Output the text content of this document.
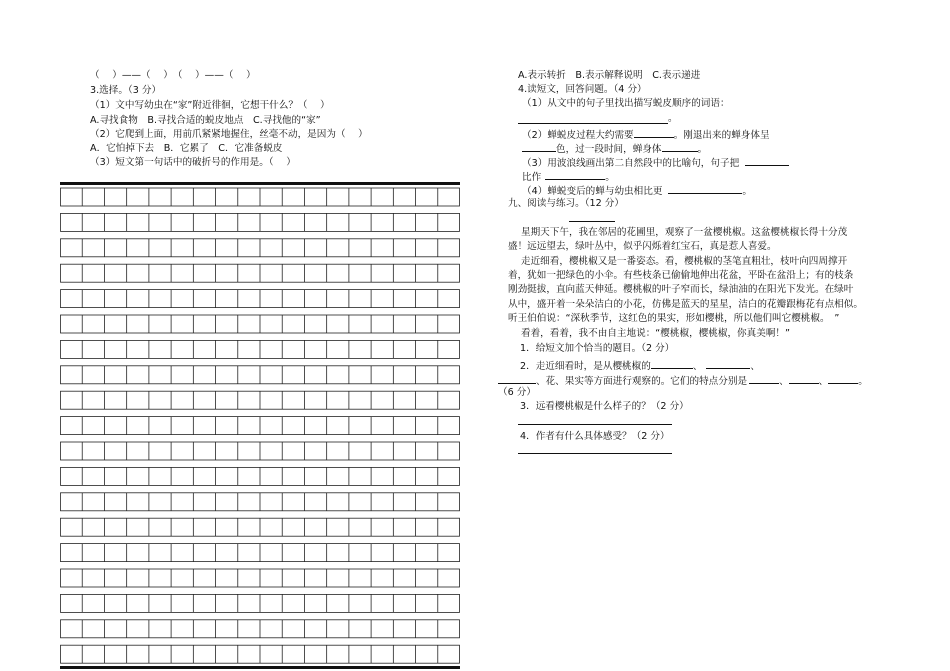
（　 ）——（　 ）　（　 ）——（　 ）
3.选择。（3 分）
（1）文中写幼虫在“家”附近徘徊，它想干什么？（　 ）
A.寻找食物　B.寻找合适的蜕皮地点　C.寻找他的“家”
（2）它爬到上面，用前爪紧紧地握住，丝毫不动，是因为（　 ）
A．它怕掉下去　B．它累了　C．它准备蜕皮
（3）短文第一句话中的破折号的作用是。（　 ）
A.表示转折　B.表示解释说明　C.表示递进
4.读短文，回答问题。（4 分）
（1）从文中的句子里找出描写蜕皮顺序的词语：
。
（2）蝉蜕皮过程大约需要	。刚退出来的蝉身体呈
色，过一段时间，蝉身体	。
（3）用波浪线画出第二自然段中的比喻句，句子把
比作	。
（4）蝉蜕变后的蝉与幼虫相比更	。
九、阅读与练习。（12 分）
星期天下午，我在邻居的花圃里，观察了一盆樱桃椒。这盆樱桃椒长得十分茂
盛！远远望去，绿叶丛中，似乎闪烁着红宝石，真是惹人喜爱。
走近细看，樱桃椒又是一番姿态。看，樱桃椒的茎笔直粗壮，枝叶向四周撑开
着，犹如一把绿色的小伞。有些枝条已偷偷地伸出花盆，平卧在盆沿上；有的枝条
刚劲挺拔，直向蓝天伸延。樱桃椒的叶子窄而长，绿油油的在阳光下发光。在绿叶
从中，盛开着一朵朵洁白的小花，仿佛是蓝天的星星，洁白的花瓣跟梅花有点相似。
听王伯伯说：“深秋季节，这红色的果实，形如樱桃，所以他们叫它樱桃椒。　”
看着，看着，我不由自主地说：“樱桃椒，樱桃椒，你真美啊！”
1．给短文加个恰当的题目。（2 分）
2．走近细看时，是从樱桃椒的	、	、
、花、果实等方面进行观察的。它们的特点分别是	、	、	。
（6 分）
3．远看樱桃椒是什么样子的？（2 分）
4．作者有什么具体感受？（2 分）
